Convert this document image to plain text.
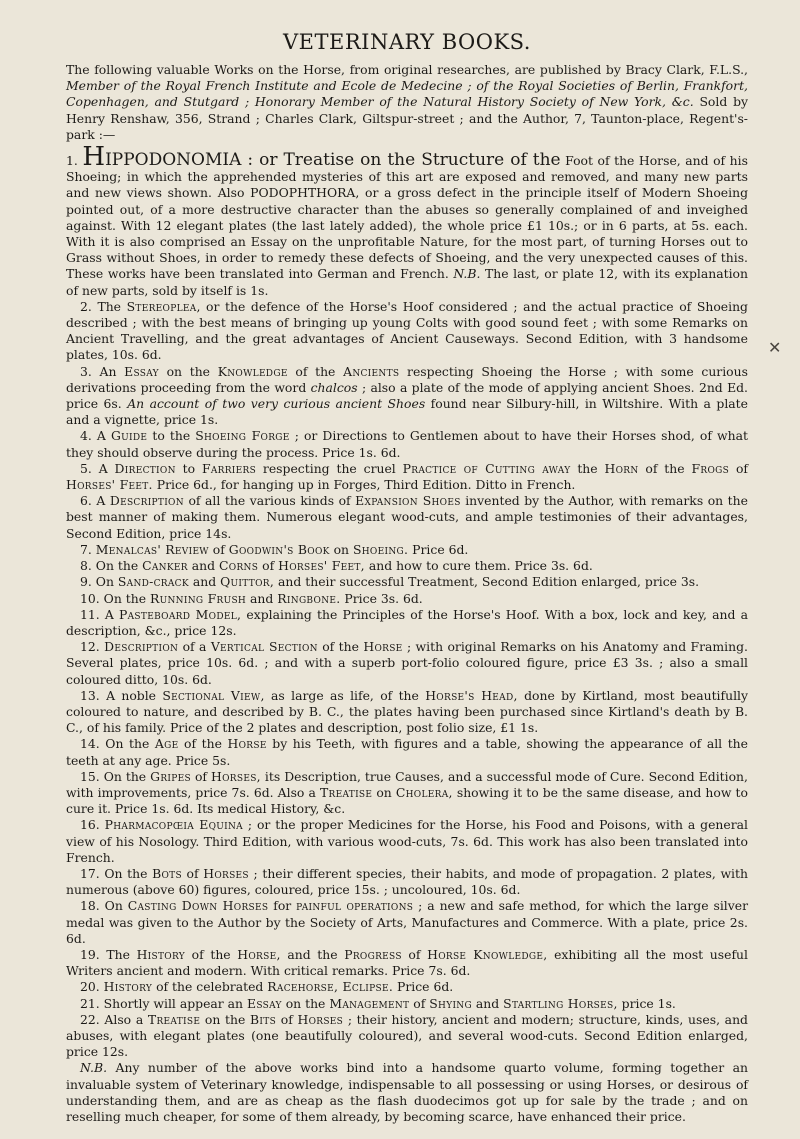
VETERINARY BOOKS.

The following valuable Works on the Horse, from original researches, are published by Bracy Clark, F.L.S., Member of the Royal French Institute and Ecole de Medecine ; of the Royal Societies of Berlin, Frankfort, Copenhagen, and Stutgard ; Honorary Member of the Natural History Society of New York, &c. Sold by Henry Renshaw, 356, Strand ; Charles Clark, Giltspur-street ; and the Author, 7, Taunton-place, Regent's-park :—

1. HIPPODONOMIA : or Treatise on the Structure of the Foot of the Horse, and of his Shoeing; in which the apprehended mysteries of this art are exposed and removed, and many new parts and new views shown. Also PODOPHTHORA, or a gross defect in the principle itself of Modern Shoeing pointed out, of a more destructive character than the abuses so generally complained of and inveighed against. With 12 elegant plates (the last lately added), the whole price £1 10s.; or in 6 parts, at 5s. each. With it is also comprised an Essay on the unprofitable Nature, for the most part, of turning Horses out to Grass without Shoes, in order to remedy these defects of Shoeing, and the very unexpected causes of this. These works have been translated into German and French. N.B. The last, or plate 12, with its explanation of new parts, sold by itself is 1s.

2. The Stereoplea, or the defence of the Horse's Hoof considered ; and the actual practice of Shoeing described ; with the best means of bringing up young Colts with good sound feet ; with some Remarks on Ancient Travelling, and the great advantages of Ancient Causeways. Second Edition, with 3 handsome plates, 10s. 6d.

3. An Essay on the Knowledge of the Ancients respecting Shoeing the Horse ; with some curious derivations proceeding from the word chalcos ; also a plate of the mode of applying ancient Shoes. 2nd Ed. price 6s. An account of two very curious ancient Shoes found near Silbury-hill, in Wiltshire. With a plate and a vignette, price 1s.

4. A Guide to the Shoeing Forge ; or Directions to Gentlemen about to have their Horses shod, of what they should observe during the process. Price 1s. 6d.

5. A Direction to Farriers respecting the cruel Practice of Cutting away the Horn of the Frogs of Horses' Feet. Price 6d., for hanging up in Forges, Third Edition. Ditto in French.

6. A Description of all the various kinds of Expansion Shoes invented by the Author, with remarks on the best manner of making them. Numerous elegant wood-cuts, and ample testimonies of their advantages, Second Edition, price 14s.

7. Menalcas' Review of Goodwin's Book on Shoeing. Price 6d.

8. On the Canker and Corns of Horses' Feet, and how to cure them. Price 3s. 6d.

9. On Sand-crack and Quittor, and their successful Treatment, Second Edition enlarged, price 3s.

10. On the Running Frush and Ringbone. Price 3s. 6d.

11. A Pasteboard Model, explaining the Principles of the Horse's Hoof. With a box, lock and key, and a description, &c., price 12s.

12. Description of a Vertical Section of the Horse ; with original Remarks on his Anatomy and Framing. Several plates, price 10s. 6d. ; and with a superb port-folio coloured figure, price £3 3s. ; also a small coloured ditto, 10s. 6d.

13. A noble Sectional View, as large as life, of the Horse's Head, done by Kirtland, most beautifully coloured to nature, and described by B. C., the plates having been purchased since Kirtland's death by B. C., of his family. Price of the 2 plates and description, post folio size, £1 1s.

14. On the Age of the Horse by his Teeth, with figures and a table, showing the appearance of all the teeth at any age. Price 5s.

15. On the Gripes of Horses, its Description, true Causes, and a successful mode of Cure. Second Edition, with improvements, price 7s. 6d. Also a Treatise on Cholera, showing it to be the same disease, and how to cure it. Price 1s. 6d. Its medical History, &c.

16. Pharmacopœia Equina ; or the proper Medicines for the Horse, his Food and Poisons, with a general view of his Nosology. Third Edition, with various wood-cuts, 7s. 6d. This work has also been translated into French.

17. On the Bots of Horses ; their different species, their habits, and mode of propagation. 2 plates, with numerous (above 60) figures, coloured, price 15s. ; uncoloured, 10s. 6d.

18. On Casting Down Horses for painful operations ; a new and safe method, for which the large silver medal was given to the Author by the Society of Arts, Manufactures and Commerce. With a plate, price 2s. 6d.

19. The History of the Horse, and the Progress of Horse Knowledge, exhibiting all the most useful Writers ancient and modern. With critical remarks. Price 7s. 6d.

20. History of the celebrated Racehorse, Eclipse. Price 6d.

21. Shortly will appear an Essay on the Management of Shying and Startling Horses, price 1s.

22. Also a Treatise on the Bits of Horses ; their history, ancient and modern; structure, kinds, uses, and abuses, with elegant plates (one beautifully coloured), and several wood-cuts. Second Edition enlarged, price 12s.

N.B. Any number of the above works bind into a handsome quarto volume, forming together an invaluable system of Veterinary knowledge, indispensable to all possessing or using Horses, or desirous of understanding them, and are as cheap as the flash duodecimos got up for sale by the trade ; and on reselling much cheaper, for some of them already, by becoming scarce, have enhanced their price.

✕
